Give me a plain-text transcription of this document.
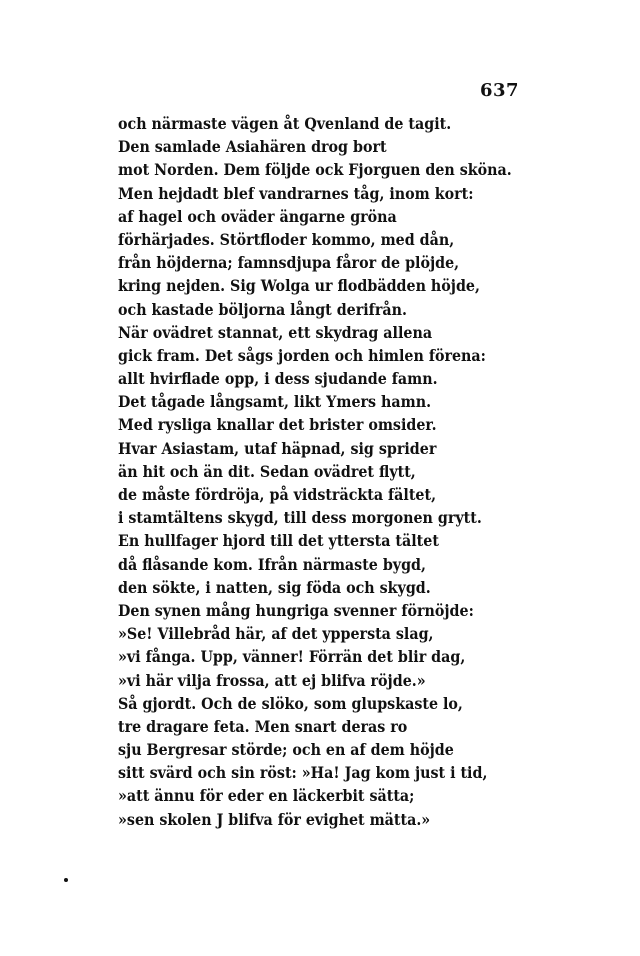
637
och närmaste vägen åt Qvenland de tagit.
Den samlade Asiahären drog bort
mot Norden. Dem följde ock Fjorguen den sköna.
Men hejdadt blef vandrarnes tåg, inom kort:
af hagel och oväder ängarne gröna
förhärjades. Störtfloder kommo, med dån,
från höjderna; famnsdjupa fåror de plöjde,
kring nejden. Sig Wolga ur flodbädden höjde,
och kastade böljorna långt derifrån.
När ovädret stannat, ett skydrag allena
gick fram. Det sågs jorden och himlen förena:
allt hvirflade opp, i dess sjudande famn.
Det tågade långsamt, likt Ymers hamn.
Med rysliga knallar det brister omsider.
Hvar Asiastam, utaf häpnad, sig sprider
än hit och än dit. Sedan ovädret flytt,
de måste fördröja, på vidsträckta fältet,
i stamtältens skygd, till dess morgonen grytt.
En hullfager hjord till det yttersta tältet
då flåsande kom. Ifrån närmaste bygd,
den sökte, i natten, sig föda och skygd.
Den synen mång hungriga svenner förnöjde:
»Se! Villebråd här, af det yppersta slag,
»vi fånga. Upp, vänner! Förrän det blir dag,
»vi här vilja frossa, att ej blifva röjde.»
Så gjordt. Och de slöko, som glupskaste lo,
tre dragare feta. Men snart deras ro
sju Bergresar störde; och en af dem höjde
sitt svärd och sin röst: »Ha! Jag kom just i tid,
»att ännu för eder en läckerbit sätta;
»sen skolen J blifva för evighet mätta.»
